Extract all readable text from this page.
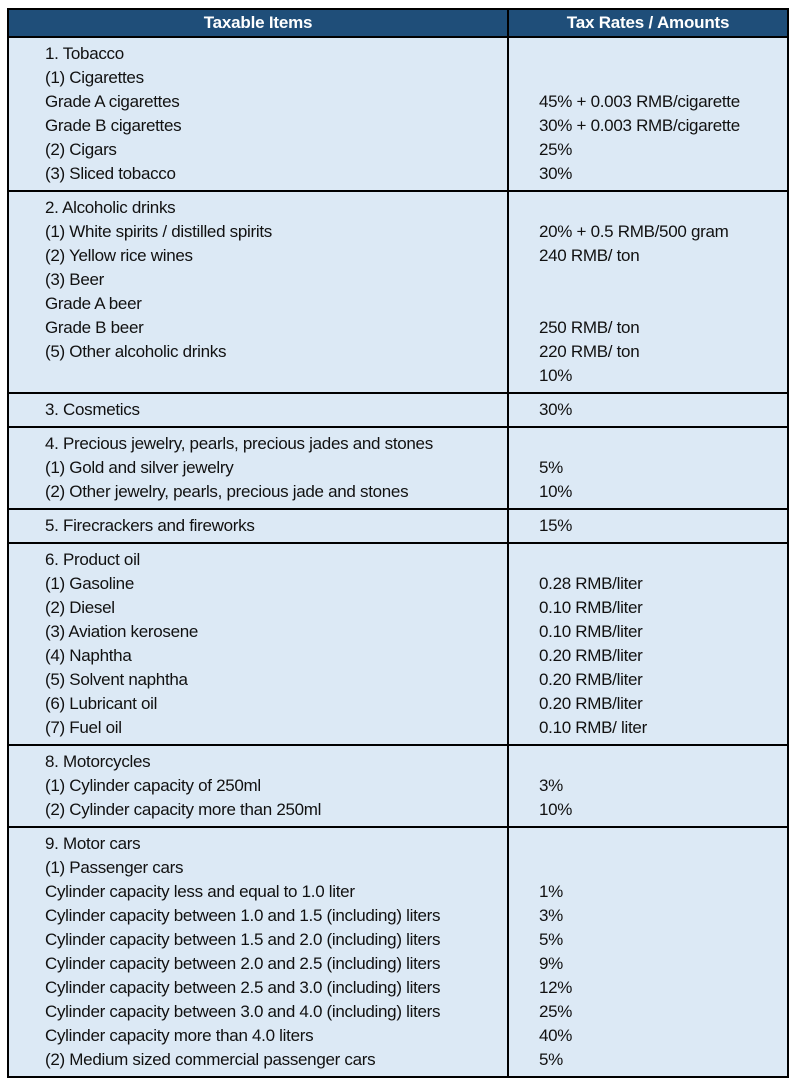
Taxable Items	Tax Rates / Amounts
1. Tobacco	
(1) Cigarettes	
Grade A cigarettes	45% + 0.003 RMB/cigarette
Grade B cigarettes	30% + 0.003 RMB/cigarette
(2) Cigars	25%
(3) Sliced tobacco	30%
2. Alcoholic drinks	
(1) White spirits / distilled spirits	20% + 0.5 RMB/500 gram
(2) Yellow rice wines	240 RMB/ ton
(3) Beer	
Grade A beer	
Grade B beer	250 RMB/ ton
(5) Other alcoholic drinks	220 RMB/ ton
	10%
3. Cosmetics	30%
4. Precious jewelry, pearls, precious jades and stones	
(1) Gold and silver jewelry	5%
(2) Other jewelry, pearls, precious jade and stones	10%
5. Firecrackers and fireworks	15%
6. Product oil	
(1) Gasoline	0.28 RMB/liter
(2) Diesel	0.10 RMB/liter
(3) Aviation kerosene	0.10 RMB/liter
(4) Naphtha	0.20 RMB/liter
(5) Solvent naphtha	0.20 RMB/liter
(6) Lubricant oil	0.20 RMB/liter
(7) Fuel oil	0.10 RMB/ liter
8. Motorcycles	
(1) Cylinder capacity of 250ml	3%
(2) Cylinder capacity more than 250ml	10%
9. Motor cars	
(1) Passenger cars	
Cylinder capacity less and equal to 1.0 liter	1%
Cylinder capacity between 1.0 and 1.5 (including) liters	3%
Cylinder capacity between 1.5 and 2.0 (including) liters	5%
Cylinder capacity between 2.0 and 2.5 (including) liters	9%
Cylinder capacity between 2.5 and 3.0 (including) liters	12%
Cylinder capacity between 3.0 and 4.0 (including) liters	25%
Cylinder capacity more than 4.0 liters	40%
(2) Medium sized commercial passenger cars	5%
